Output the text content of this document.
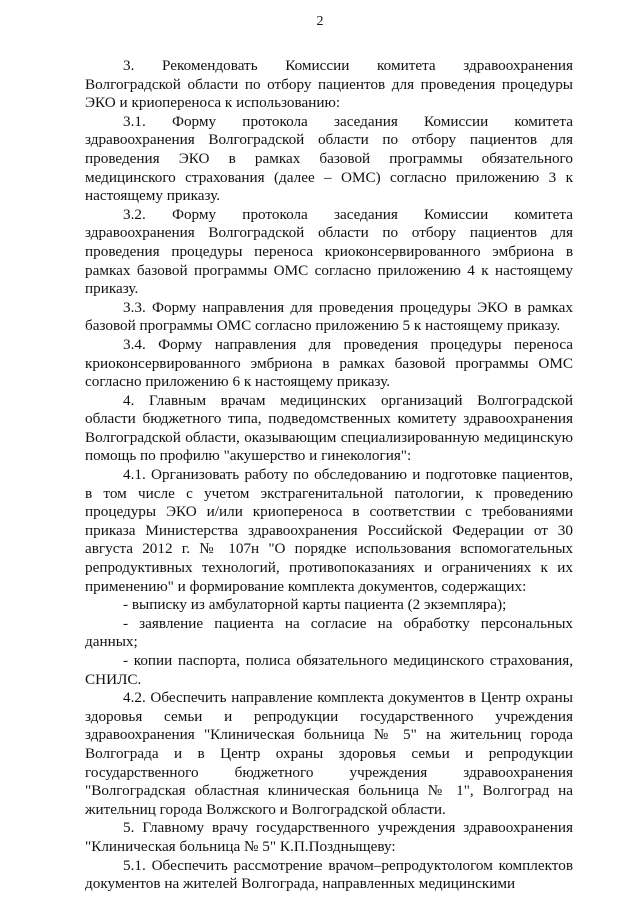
2

3. Рекомендовать Комиссии комитета здравоохранения Волгоградской области по отбору пациентов для проведения процедуры ЭКО и криопереноса к использованию:

3.1. Форму протокола заседания Комиссии комитета здравоохранения Волгоградской области по отбору пациентов для проведения ЭКО в рамках базовой программы обязательного медицинского страхования (далее – ОМС) согласно приложению 3 к настоящему приказу.

3.2. Форму протокола заседания Комиссии комитета здравоохранения Волгоградской области по отбору пациентов для проведения процедуры переноса криоконсервированного эмбриона в рамках базовой программы ОМС согласно приложению 4 к настоящему приказу.

3.3. Форму направления для проведения процедуры ЭКО в рамках базовой программы ОМС согласно приложению 5 к настоящему приказу.

3.4. Форму направления для проведения процедуры переноса криоконсервированного эмбриона в рамках базовой программы ОМС согласно приложению 6 к настоящему приказу.

4. Главным врачам медицинских организаций Волгоградской области бюджетного типа, подведомственных комитету здравоохранения Волгоградской области, оказывающим специализированную медицинскую помощь по профилю "акушерство и гинекология":

4.1. Организовать работу по обследованию и подготовке пациентов, в том числе с учетом экстрагенитальной патологии, к проведению процедуры ЭКО и/или криопереноса в соответствии с требованиями приказа Министерства здравоохранения Российской Федерации от 30 августа 2012 г. № 107н "О порядке использования вспомогательных репродуктивных технологий, противопоказаниях и ограничениях к их применению" и формирование комплекта документов, содержащих:

- выписку из амбулаторной карты пациента (2 экземпляра);

- заявление пациента на согласие на обработку персональных данных;

- копии паспорта, полиса обязательного медицинского страхования, СНИЛС.

4.2. Обеспечить направление комплекта документов в Центр охраны здоровья семьи и репродукции государственного учреждения здравоохранения "Клиническая больница № 5" на жительниц города Волгограда и в Центр охраны здоровья семьи и репродукции государственного бюджетного учреждения здравоохранения "Волгоградская областная клиническая больница № 1", Волгоград на жительниц города Волжского и Волгоградской области.

5. Главному врачу государственного учреждения здравоохранения "Клиническая больница № 5" К.П.Поздныщеву:

5.1. Обеспечить рассмотрение врачом–репродуктологом комплектов документов на жителей Волгограда, направленных медицинскими
